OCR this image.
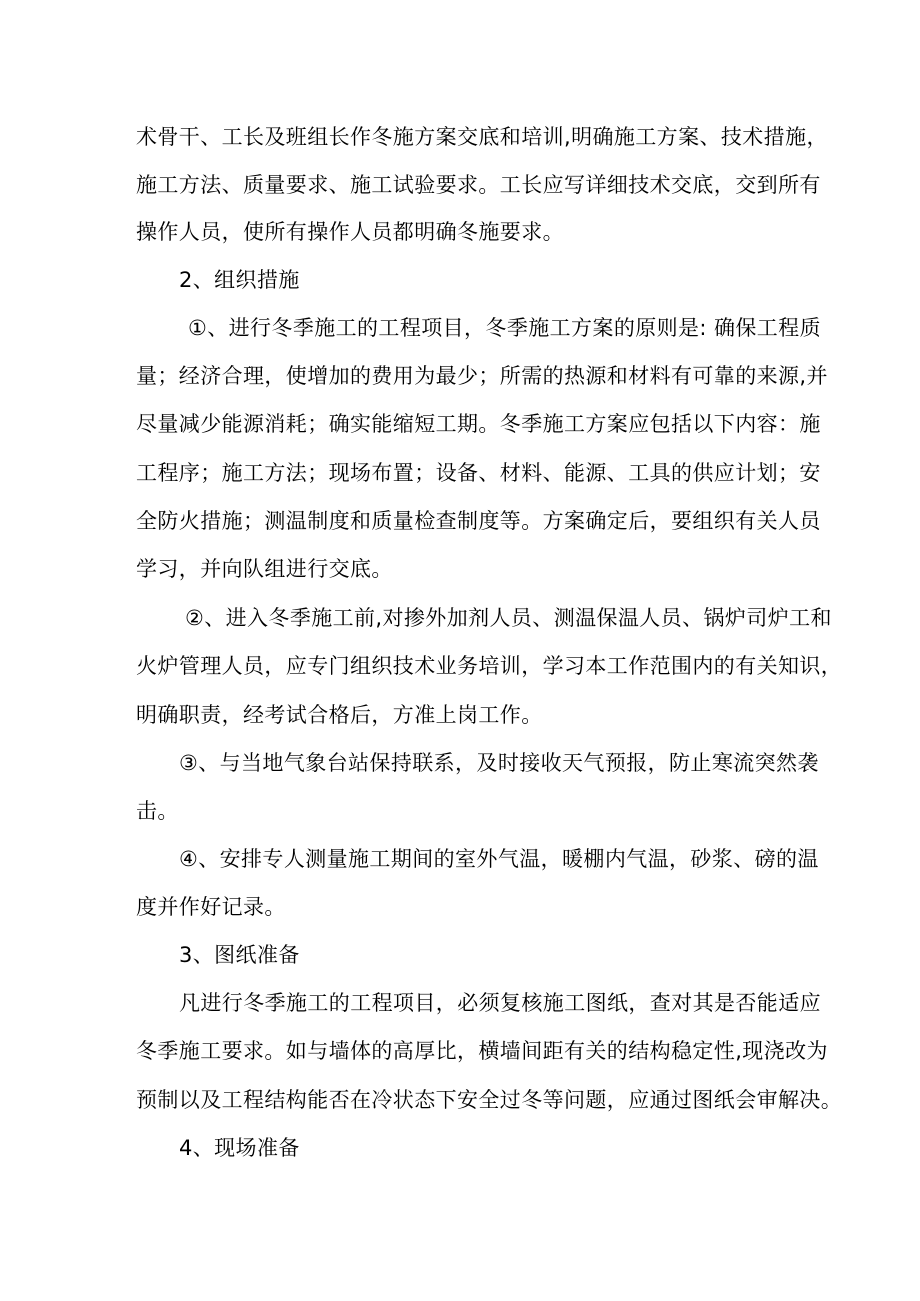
术骨干、工长及班组长作冬施方案交底和培训,明确施工方案、技术措施，
施工方法、质量要求、施工试验要求。工长应写详细技术交底，交到所有
操作人员，使所有操作人员都明确冬施要求。
2、组织措施
①、进行冬季施工的工程项目，冬季施工方案的原则是: 确保工程质
量；经济合理，使增加的费用为最少；所需的热源和材料有可靠的来源,并
尽量减少能源消耗；确实能缩短工期。冬季施工方案应包括以下内容：施
工程序；施工方法；现场布置；设备、材料、能源、工具的供应计划；安
全防火措施；测温制度和质量检查制度等。方案确定后，要组织有关人员
学习，并向队组进行交底。
②、进入冬季施工前,对掺外加剂人员、测温保温人员、锅炉司炉工和
火炉管理人员，应专门组织技术业务培训，学习本工作范围内的有关知识，
明确职责，经考试合格后，方准上岗工作。
③、与当地气象台站保持联系，及时接收天气预报，防止寒流突然袭
击。
④、安排专人测量施工期间的室外气温，暖棚内气温，砂浆、磅的温
度并作好记录。
3、图纸准备
凡进行冬季施工的工程项目，必须复核施工图纸，查对其是否能适应
冬季施工要求。如与墙体的高厚比，横墙间距有关的结构稳定性,现浇改为
预制以及工程结构能否在冷状态下安全过冬等问题，应通过图纸会审解决。
4、现场准备
